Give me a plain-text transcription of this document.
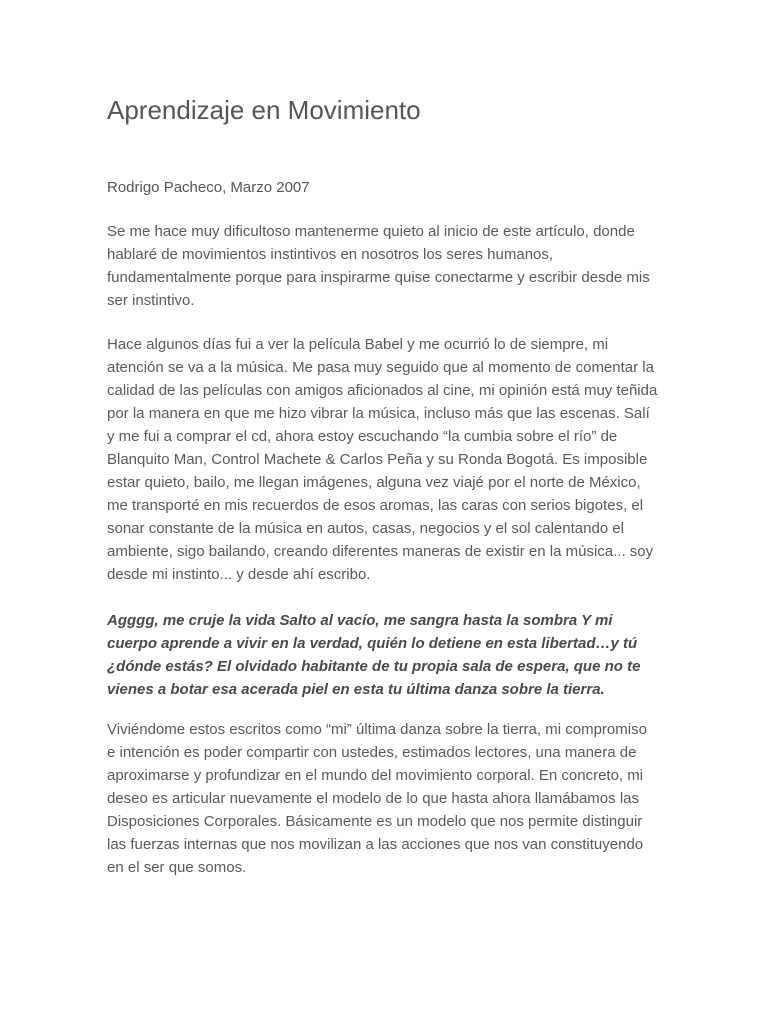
Aprendizaje en Movimiento

Rodrigo Pacheco, Marzo 2007

Se me hace muy dificultoso mantenerme quieto al inicio de este artículo, donde
hablaré de movimientos instintivos en nosotros los seres humanos,
fundamentalmente porque para inspirarme quise conectarme y escribir desde mis
ser instintivo.

Hace algunos días fui a ver la película Babel y me ocurrió lo de siempre, mi
atención se va a la música. Me pasa muy seguido que al momento de comentar la
calidad de las películas con amigos aficionados al cine, mi opinión está muy teñida
por la manera en que me hizo vibrar la música, incluso más que las escenas. Salí
y me fui a comprar el cd, ahora estoy escuchando “la cumbia sobre el río” de
Blanquito Man, Control Machete & Carlos Peña y su Ronda Bogotá. Es imposible
estar quieto, bailo, me llegan imágenes, alguna vez viajé por el norte de México,
me transporté en mis recuerdos de esos aromas, las caras con serios bigotes, el
sonar constante de la música en autos, casas, negocios y el sol calentando el
ambiente, sigo bailando, creando diferentes maneras de existir en la música... soy
desde mi instinto... y desde ahí escribo.

Agggg, me cruje la vida Salto al vacío, me sangra hasta la sombra Y mi
cuerpo aprende a vivir en la verdad, quién lo detiene en esta libertad…y tú
¿dónde estás? El olvidado habitante de tu propia sala de espera, que no te
vienes a botar esa acerada piel en esta tu última danza sobre la tierra.

Viviéndome estos escritos como “mi” última danza sobre la tierra, mi compromiso
e intención es poder compartir con ustedes, estimados lectores, una manera de
aproximarse y profundizar en el mundo del movimiento corporal. En concreto, mi
deseo es articular nuevamente el modelo de lo que hasta ahora llamábamos las
Disposiciones Corporales. Básicamente es un modelo que nos permite distinguir
las fuerzas internas que nos movilizan a las acciones que nos van constituyendo
en el ser que somos.
